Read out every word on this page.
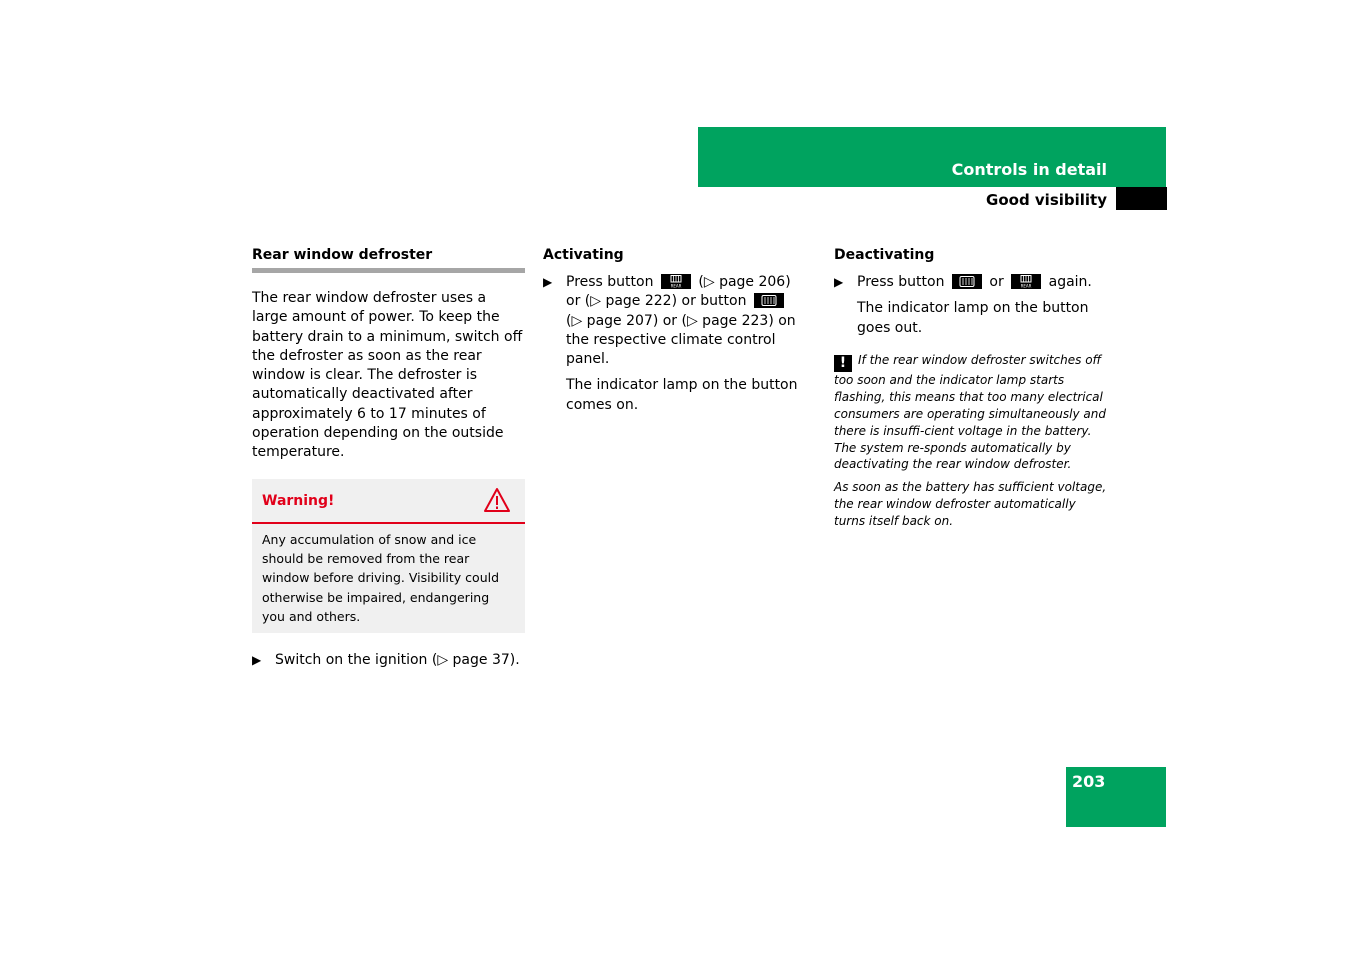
Controls in detail
Good visibility
Rear window defroster

The rear window defroster uses a large amount of power. To keep the battery drain to a minimum, switch off the defroster as soon as the rear window is clear. The defroster is automatically deactivated after approximately 6 to 17 minutes of operation depending on the outside temperature.

Warning!
Any accumulation of snow and ice should be removed from the rear window before driving. Visibility could otherwise be impaired, endangering you and others.
▶ Switch on the ignition (▷ page 37).
Activating
▶ Press button	REAR (▷ page 206) or (▷ page 222) or button
(▷ page 207) or (▷ page 223) on the respective climate control panel.
The indicator lamp on the button comes on.
Deactivating
▶ Press button	or	REAR again.
The indicator lamp on the button goes out.

! If the rear window defroster switches off too soon and the indicator lamp starts flashing, this means that too many electrical consumers are operating simultaneously and there is insuffi-cient voltage in the battery. The system re-sponds automatically by deactivating the rear window defroster.

As soon as the battery has sufficient voltage, the rear window defroster automatically turns itself back on.

203
